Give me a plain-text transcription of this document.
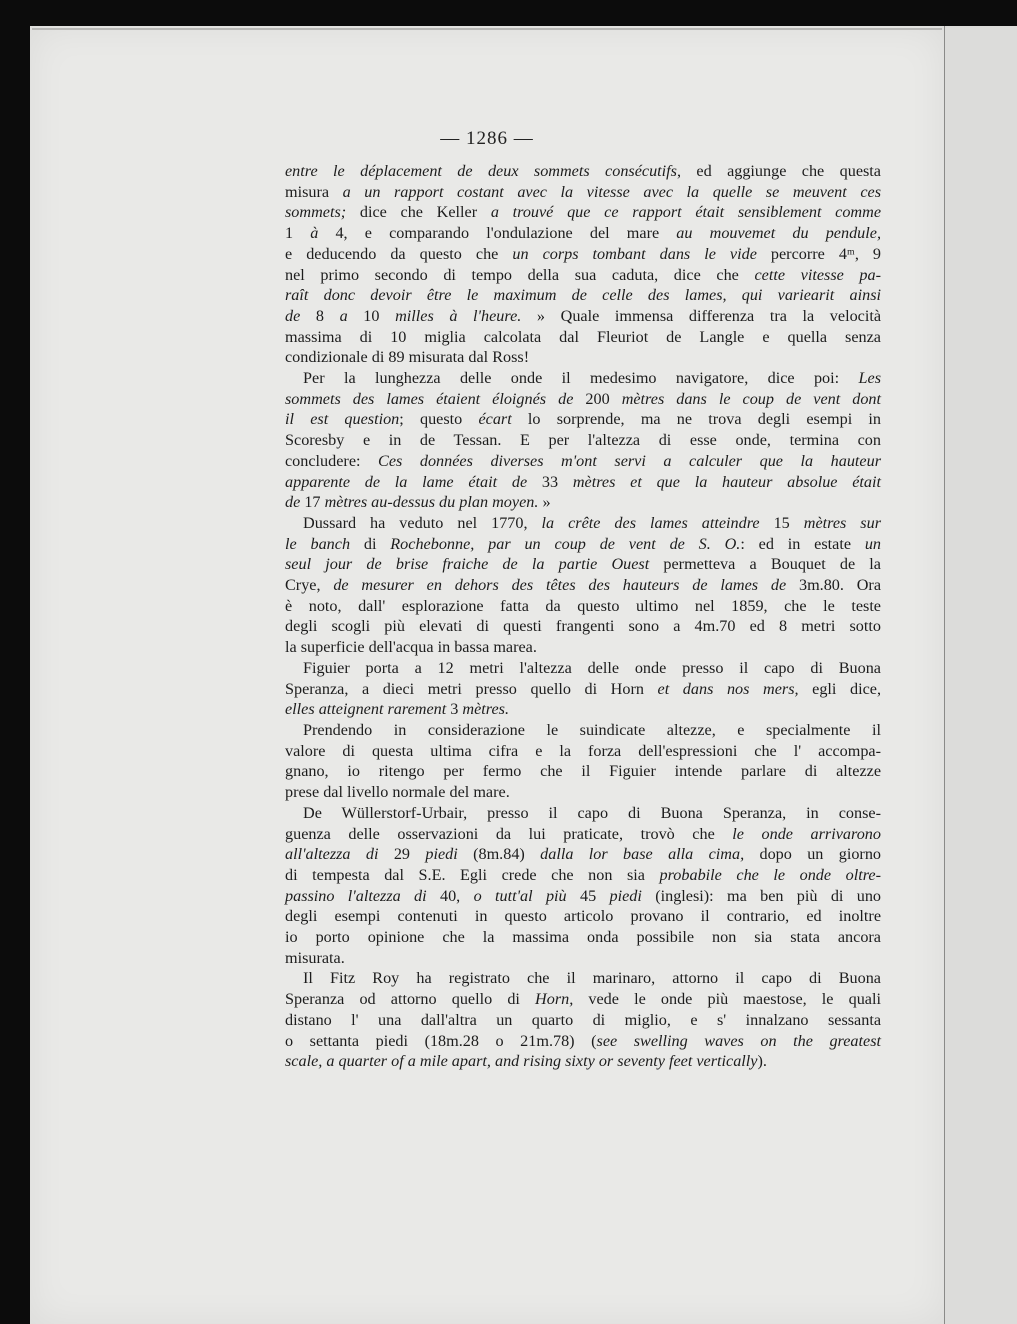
— 1286 —
entre le déplacement de deux sommets consécutifs, ed aggiunge che questa
misura a un rapport costant avec la vitesse avec la quelle se meuvent ces
sommets; dice che Keller a trouvé que ce rapport était sensiblement comme
1 à 4, e comparando l'ondulazione del mare au mouvemet du pendule,
e deducendo da questo che un corps tombant dans le vide percorre 4ᵐ, 9
nel primo secondo di tempo della sua caduta, dice che cette vitesse pa-
raît donc devoir être le maximum de celle des lames, qui variearit ainsi
de 8 a 10 milles à l'heure. » Quale immensa differenza tra la velocità
massima di 10 miglia calcolata dal Fleuriot de Langle e quella senza
condizionale di 89 misurata dal Ross!
Per la lunghezza delle onde il medesimo navigatore, dice poi: Les
sommets des lames étaient éloignés de 200 mètres dans le coup de vent dont
il est question; questo écart lo sorprende, ma ne trova degli esempi in
Scoresby e in de Tessan. E per l'altezza di esse onde, termina con
concludere: Ces données diverses m'ont servi a calculer que la hauteur
apparente de la lame était de 33 mètres et que la hauteur absolue était
de 17 mètres au-dessus du plan moyen. »
Dussard ha veduto nel 1770, la crête des lames atteindre 15 mètres sur
le banch di Rochebonne, par un coup de vent de S. O.: ed in estate un
seul jour de brise fraiche de la partie Ouest permetteva a Bouquet de la
Crye, de mesurer en dehors des têtes des hauteurs de lames de 3m.80. Ora
è noto, dall' esplorazione fatta da questo ultimo nel 1859, che le teste
degli scogli più elevati di questi frangenti sono a 4m.70 ed 8 metri sotto
la superficie dell'acqua in bassa marea.
Figuier porta a 12 metri l'altezza delle onde presso il capo di Buona
Speranza, a dieci metri presso quello di Horn et dans nos mers, egli dice,
elles atteignent rarement 3 mètres.
Prendendo in considerazione le suindicate altezze, e specialmente il
valore di questa ultima cifra e la forza dell'espressioni che l' accompa-
gnano, io ritengo per fermo che il Figuier intende parlare di altezze
prese dal livello normale del mare.
De Wüllerstorf-Urbair, presso il capo di Buona Speranza, in conse-
guenza delle osservazioni da lui praticate, trovò che le onde arrivarono
all'altezza di 29 piedi (8m.84) dalla lor base alla cima, dopo un giorno
di tempesta dal S.E. Egli crede che non sia probabile che le onde oltre-
passino l'altezza di 40, o tutt'al più 45 piedi (inglesi): ma ben più di uno
degli esempi contenuti in questo articolo provano il contrario, ed inoltre
io porto opinione che la massima onda possibile non sia stata ancora
misurata.
Il Fitz Roy ha registrato che il marinaro, attorno il capo di Buona
Speranza od attorno quello di Horn, vede le onde più maestose, le quali
distano l' una dall'altra un quarto di miglio, e s' innalzano sessanta
o settanta piedi (18m.28 o 21m.78) (see swelling waves on the greatest
scale, a quarter of a mile apart, and rising sixty or seventy feet vertically).
